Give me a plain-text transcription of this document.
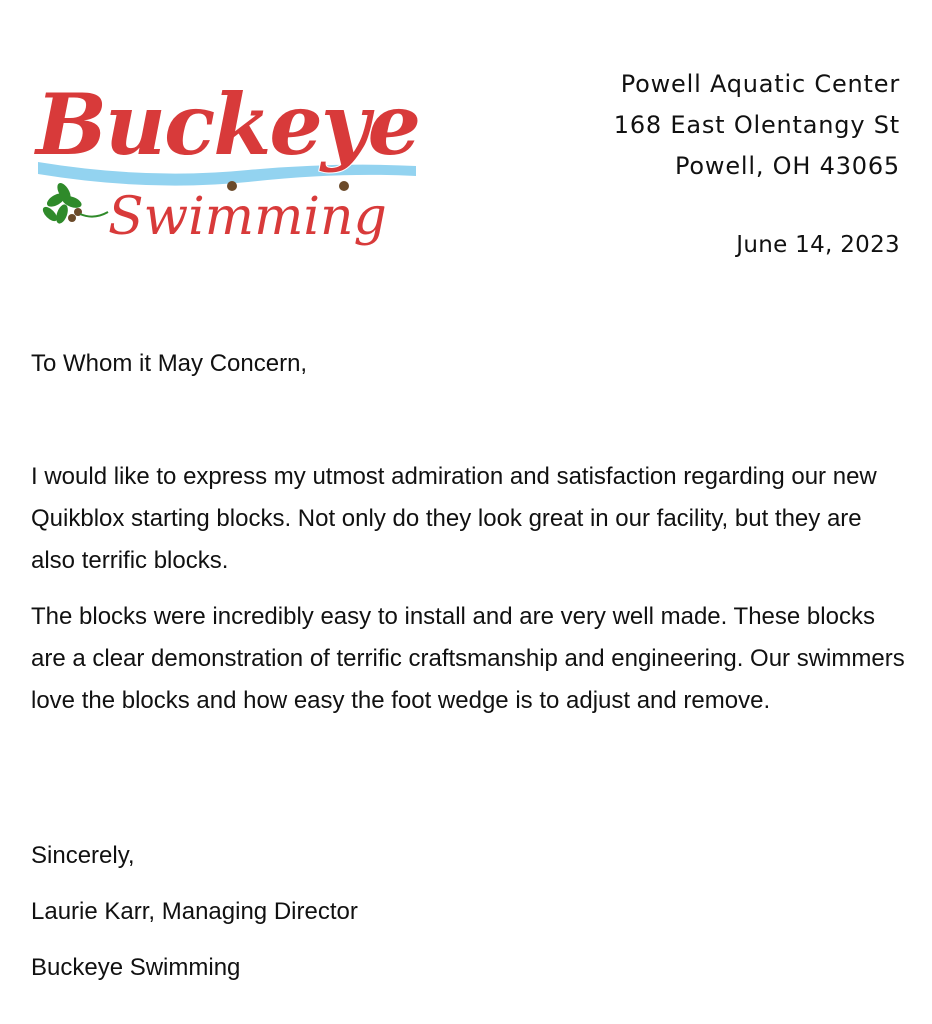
Buckeye
Swimming
Powell Aquatic Center
168 East Olentangy St
Powell, OH 43065
June 14, 2023
To Whom it May Concern,

I would like to express my utmost admiration and satisfaction regarding our new Quikblox starting blocks. Not only do they look great in our facility, but they are also terrific blocks.

The blocks were incredibly easy to install and are very well made. These blocks are a clear demonstration of terrific craftsmanship and engineering. Our swimmers love the blocks and how easy the foot wedge is to adjust and remove.

Sincerely,
Laurie Karr, Managing Director
Buckeye Swimming
